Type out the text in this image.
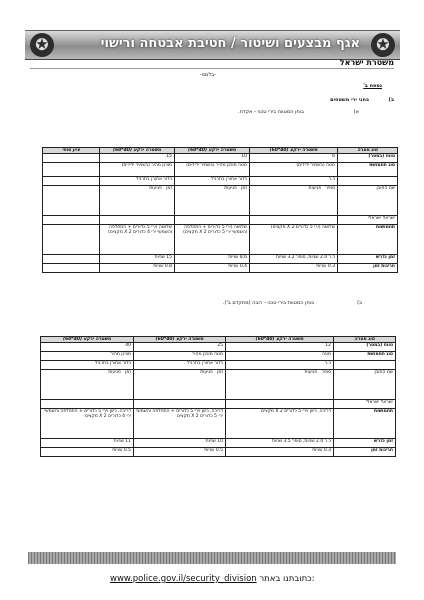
✪	אגף מבצעים ושיטור / חטיבת אבטחה ורישוי	✪
משטרת ישראל
-בלמס-
נספח ב'
ב)
בחני ירי משטחים
א)
בוחן המטווח בירי טכני - אקדח.
סוג מטרה	משטרה ירקע (40*60)	משטרה ירקע (40*60)	משטרה ירקע (40*60)	ציון סופי
טווח (במטר)	6	10	15	
סוג תחמושת	מטה (בשמיר ידידים)	מטה מוכנן מהיר (בשמיר ידידים)	מוכנן מהיר (בשמיר ידידים)	
	כ.ר	כדור אחורן בתרגיל	כדור אחורן בתרגיל	
שם החובן	סופר   פגיעות	זמן   פגיעות	זמן   פגיעות	
ישראל ישראלי				
תחמושות	שלושה (ירי 5 כדורים X 2 מקצים)	שלושה (ירי 5 כדורים + התחלפה והשמשי ירי 5 כדורים X 2 מקצים)	שלושה (ירי 5 כדורים + התחלפה והשמשי ירי 4 כדורים X 2 מקצים)	
זמן נדרש	כ.ר 2.0 שניות, סופר 3.2 שניות	8.6 שניות	15 שניות	
חריגות זמן	0.3 שניות	0.4 שניות	0.8 שניות	
ב)
בוחן המטווח בירי טכני - רובה (מתקדם ב').
סוג מטרה	משטרה ירקע (40*60)	משטרה ירקע (40*60)	משטרה ירקע (40*60)
טווח (במטר)	12	25	40
סוג תחמושת	מטה	מטה מוכנן מהיר	מוכנן מהיר
	כ.ר	כדור אחורן בתרגיל	כדור אחורן בתרגיל
שם החובן	סופר   פגיעות	זמן   פגיעות	זמן   פגיעות
ישראל ישראלי			
תחמושות	דריכה, כיוון וירי 5 כדורים X 2 מקצים	דריכה, כיוון וירי 5 כדורים + התחלפה והשמשי ירי 5 כדורים X 2 מקצים	דריכה, כיוון וירי 5 כדורים + התחלפה והשמשי ירי 4 כדורים X 2 מקצים
זמן נדרש	כ.ר 2.0 שניות, סופר 3.5 שניות	10 שניות	11 שניות
חריגות זמן	0.3 שניות	0.5 שניות	0.5 שניות
www.police.gov.il/security_division כתובתנו באתר:
